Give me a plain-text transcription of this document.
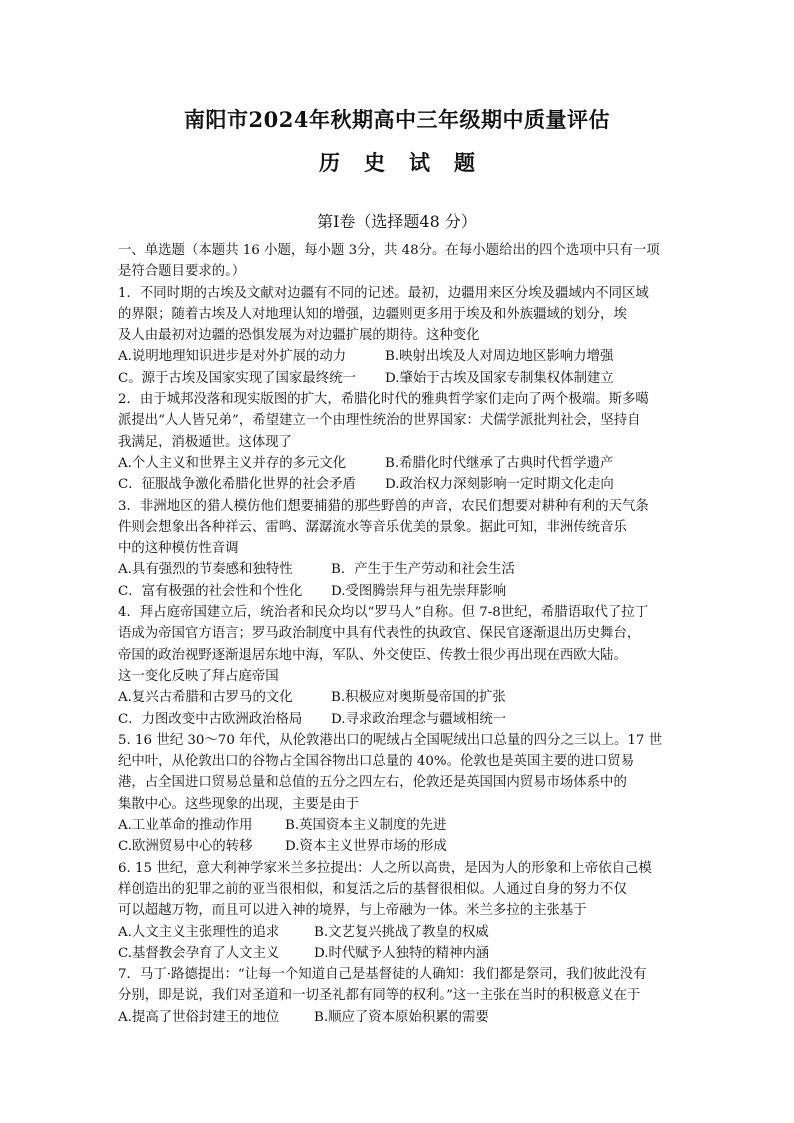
南阳市2024年秋期高中三年级期中质量评估
历 史 试 题
第Ⅰ卷（选择题48 分）
一、单选题（本题共 16 小题，每小题 3分，共 48分。在每小题给出的四个选项中只有一项
是符合题目要求的。）
1．不同时期的古埃及文献对边疆有不同的记述。最初，边疆用来区分埃及疆域内不同区域
的界限；随着古埃及人对地理认知的增强，边疆则更多用于埃及和外族疆域的划分，埃
及人由最初对边疆的恐惧发展为对边疆扩展的期待。这种变化
A.说明地理知识进步是对外扩展的动力	B.映射出埃及人对周边地区影响力增强
C。源于古埃及国家实现了国家最终统一	D.肇始于古埃及国家专制集权体制建立
2．由于城邦没落和现实版图的扩大，希腊化时代的雅典哲学家们走向了两个极端。斯多噶
派提出“人人皆兄弟”，希望建立一个由理性统治的世界国家：犬儒学派批判社会，坚持自
我满足，消极遁世。这体现了
A.个人主义和世界主义并存的多元文化	B.希腊化时代继承了古典时代哲学遗产
C．征服战争激化希腊化世界的社会矛盾	D.政治权力深刻影响一定时期文化走向
3．非洲地区的猎人模仿他们想要捕猎的那些野兽的声音，农民们想要对耕种有利的天气条
件则会想象出各种祥云、雷鸣、潺潺流水等音乐优美的景象。据此可知，非洲传统音乐
中的这种模仿性音调
A.具有强烈的节奏感和独特性	B．产生于生产劳动和社会生活
C．富有极强的社会性和个性化	D.受图腾崇拜与祖先崇拜影响
4．拜占庭帝国建立后，统治者和民众均以“罗马人”自称。但 7-8世纪，希腊语取代了拉丁
语成为帝国官方语言；罗马政治制度中具有代表性的执政官、保民官逐渐退出历史舞台，
帝国的政治视野逐渐退居东地中海，军队、外交使臣、传教士很少再出现在西欧大陆。
这一变化反映了拜占庭帝国
A.复兴古希腊和古罗马的文化	B.积极应对奥斯曼帝国的扩张
C．力图改变中古欧洲政治格局	D.寻求政治理念与疆域相统一
5. 16 世纪 30～70 年代，从伦敦港出口的呢绒占全国呢绒出口总量的四分之三以上。17 世
纪中叶，从伦敦出口的谷物占全国谷物出口总量的 40%。伦敦也是英国主要的进口贸易
港，占全国进口贸易总量和总值的五分之四左右，伦敦还是英国国内贸易市场体系中的
集散中心。这些现象的出现，主要是由于
A.工业革命的推动作用	B.英国资本主义制度的先进
C.欧洲贸易中心的转移	D.资本主义世界市场的形成
6. 15 世纪，意大利神学家米兰多拉提出：人之所以高贵，是因为人的形象和上帝依自己模
样创造出的犯罪之前的亚当很相似，和复活之后的基督很相似。人通过自身的努力不仅
可以超越万物，而且可以进入神的境界，与上帝融为一体。米兰多拉的主张基于
A.人文主义主张理性的追求	B.文艺复兴挑战了教皇的权威
C.基督教会孕育了人文主义	D.时代赋予人独特的精神内涵
7．马丁·路德提出：“让每一个知道自己是基督徒的人确知：我们都是祭司，我们彼此没有
分别，即是说，我们对圣道和一切圣礼都有同等的权利。”这一主张在当时的积极意义在于
A.提高了世俗封建王的地位	B.顺应了资本原始积累的需要
